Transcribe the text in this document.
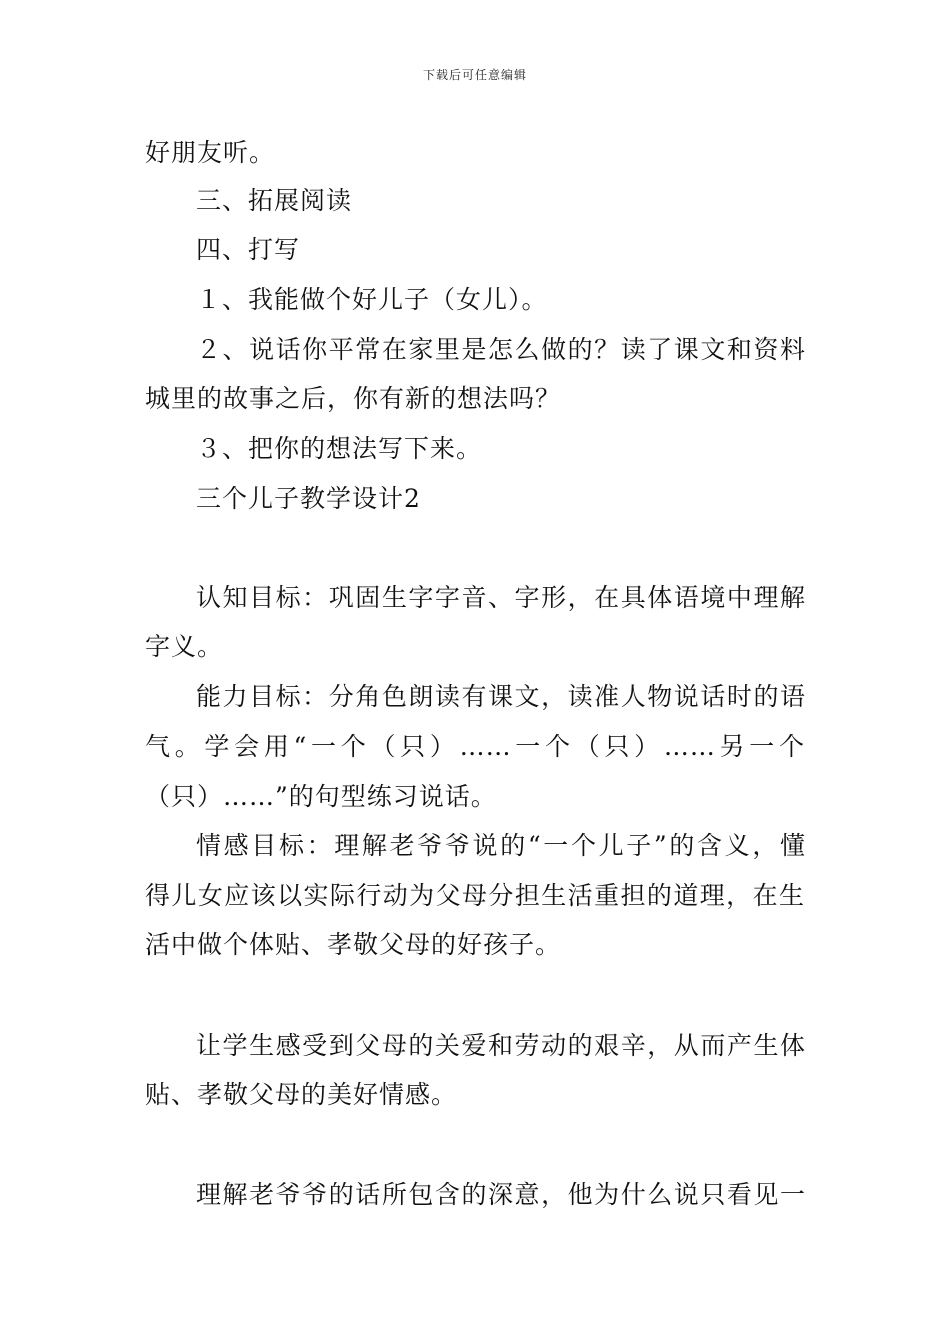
下载后可任意编辑
好朋友听。
三、拓展阅读
四、打写
１、我能做个好儿子（女儿）。
２、说话你平常在家里是怎么做的？读了课文和资料
城里的故事之后，你有新的想法吗？
３、把你的想法写下来。
三个儿子教学设计2
认知目标：巩固生字字音、字形，在具体语境中理解
字义。
能力目标：分角色朗读有课文，读准人物说话时的语
气。学会用“一个（只）……一个（只）……另一个
（只）……”的句型练习说话。
情感目标：理解老爷爷说的“一个儿子”的含义，懂
得儿女应该以实际行动为父母分担生活重担的道理，在生
活中做个体贴、孝敬父母的好孩子。
让学生感受到父母的关爱和劳动的艰辛，从而产生体
贴、孝敬父母的美好情感。
理解老爷爷的话所包含的深意，他为什么说只看见一
